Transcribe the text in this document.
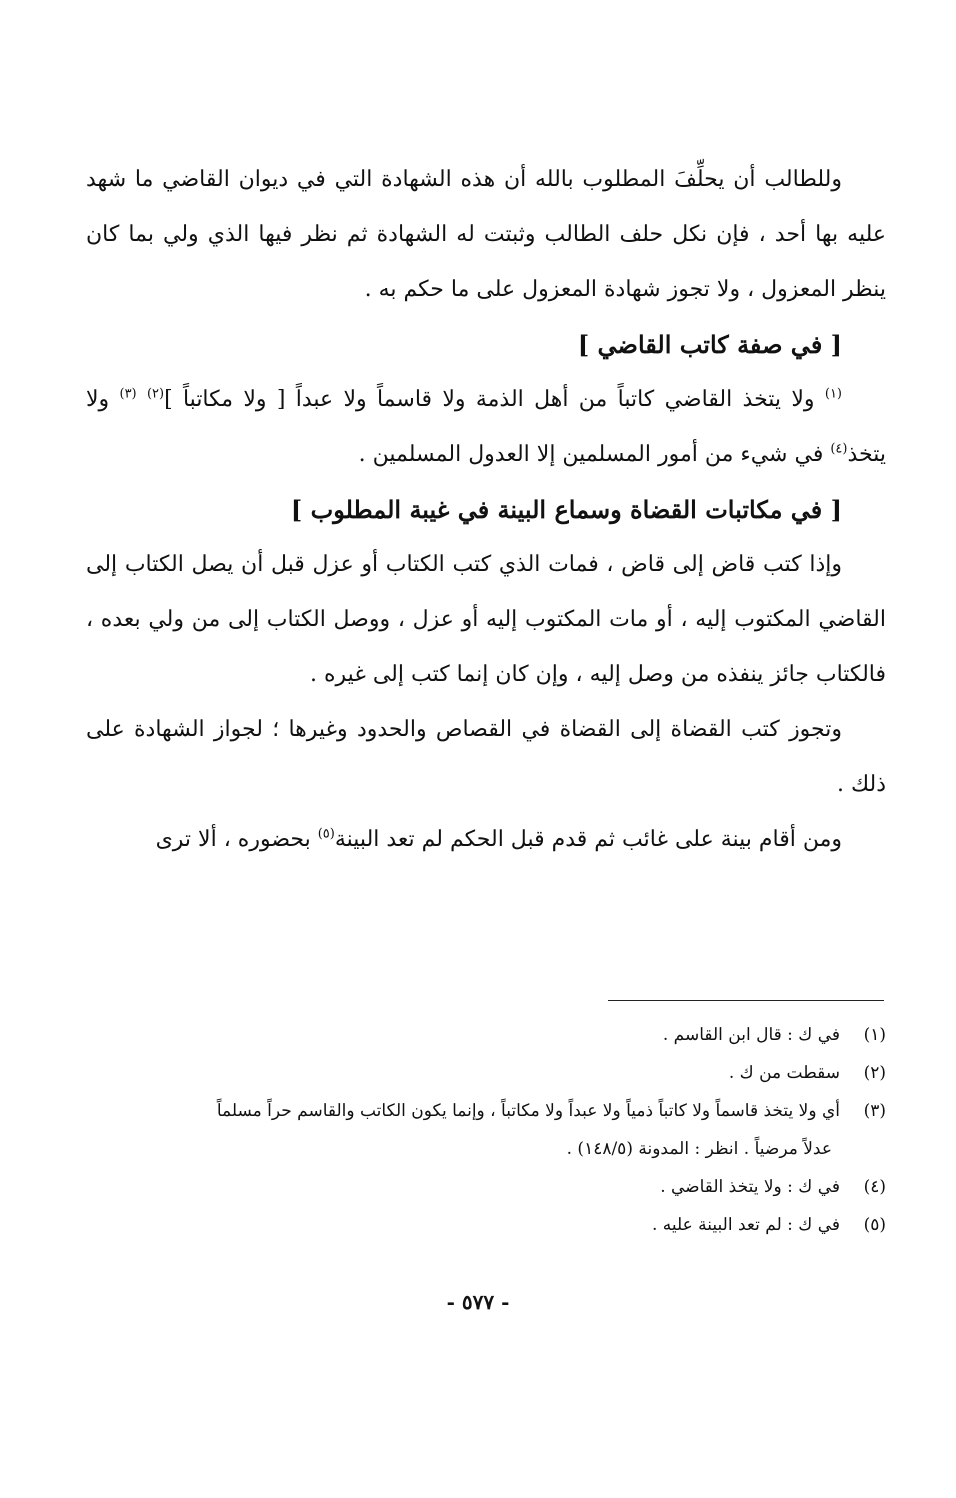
وللطالب أن يحلِّفَ المطلوب بالله أن هذه الشهادة التي في ديوان القاضي ما شهد عليه بها أحد ، فإن نكل حلف الطالب وثبتت له الشهادة ثم نظر فيها الذي ولي بما كان ينظر المعزول ، ولا تجوز شهادة المعزول على ما حكم به .

[ في صفة كاتب القاضي ]

$^{(١)}$ ولا يتخذ القاضي كاتباً من أهل الذمة ولا قاسماً ولا عبداً [ ولا مكاتباً ]$^{(٢)}$ $^{(٣)}$ ولا يتخذ$^{(٤)}$ في شيء من أمور المسلمين إلا العدول المسلمين .

[ في مكاتبات القضاة وسماع البينة في غيبة المطلوب ]

وإذا كتب قاض إلى قاض ، فمات الذي كتب الكتاب أو عزل قبل أن يصل الكتاب إلى القاضي المكتوب إليه ، أو مات المكتوب إليه أو عزل ، ووصل الكتاب إلى من ولي بعده ، فالكتاب جائز ينفذه من وصل إليه ، وإن كان إنما كتب إلى غيره .

وتجوز كتب القضاة إلى القضاة في القصاص والحدود وغيرها ؛ لجواز الشهادة على ذلك .

ومن أقام بينة على غائب ثم قدم قبل الحكم لم تعد البينة$^{(٥)}$ بحضوره ، ألا ترى

(١)في ك : قال ابن القاسم .

(٢)سقطت من ك .

(٣)أي ولا يتخذ قاسماً ولا كاتباً ذمياً ولا عبداً ولا مكاتباً ، وإنما يكون الكاتب والقاسم حراً مسلماً

عدلاً مرضياً . انظر : المدونة (١٤٨/٥) .

(٤)في ك : ولا يتخذ القاضي .

(٥)في ك : لم تعد البينة عليه .

- ٥٧٧ -
